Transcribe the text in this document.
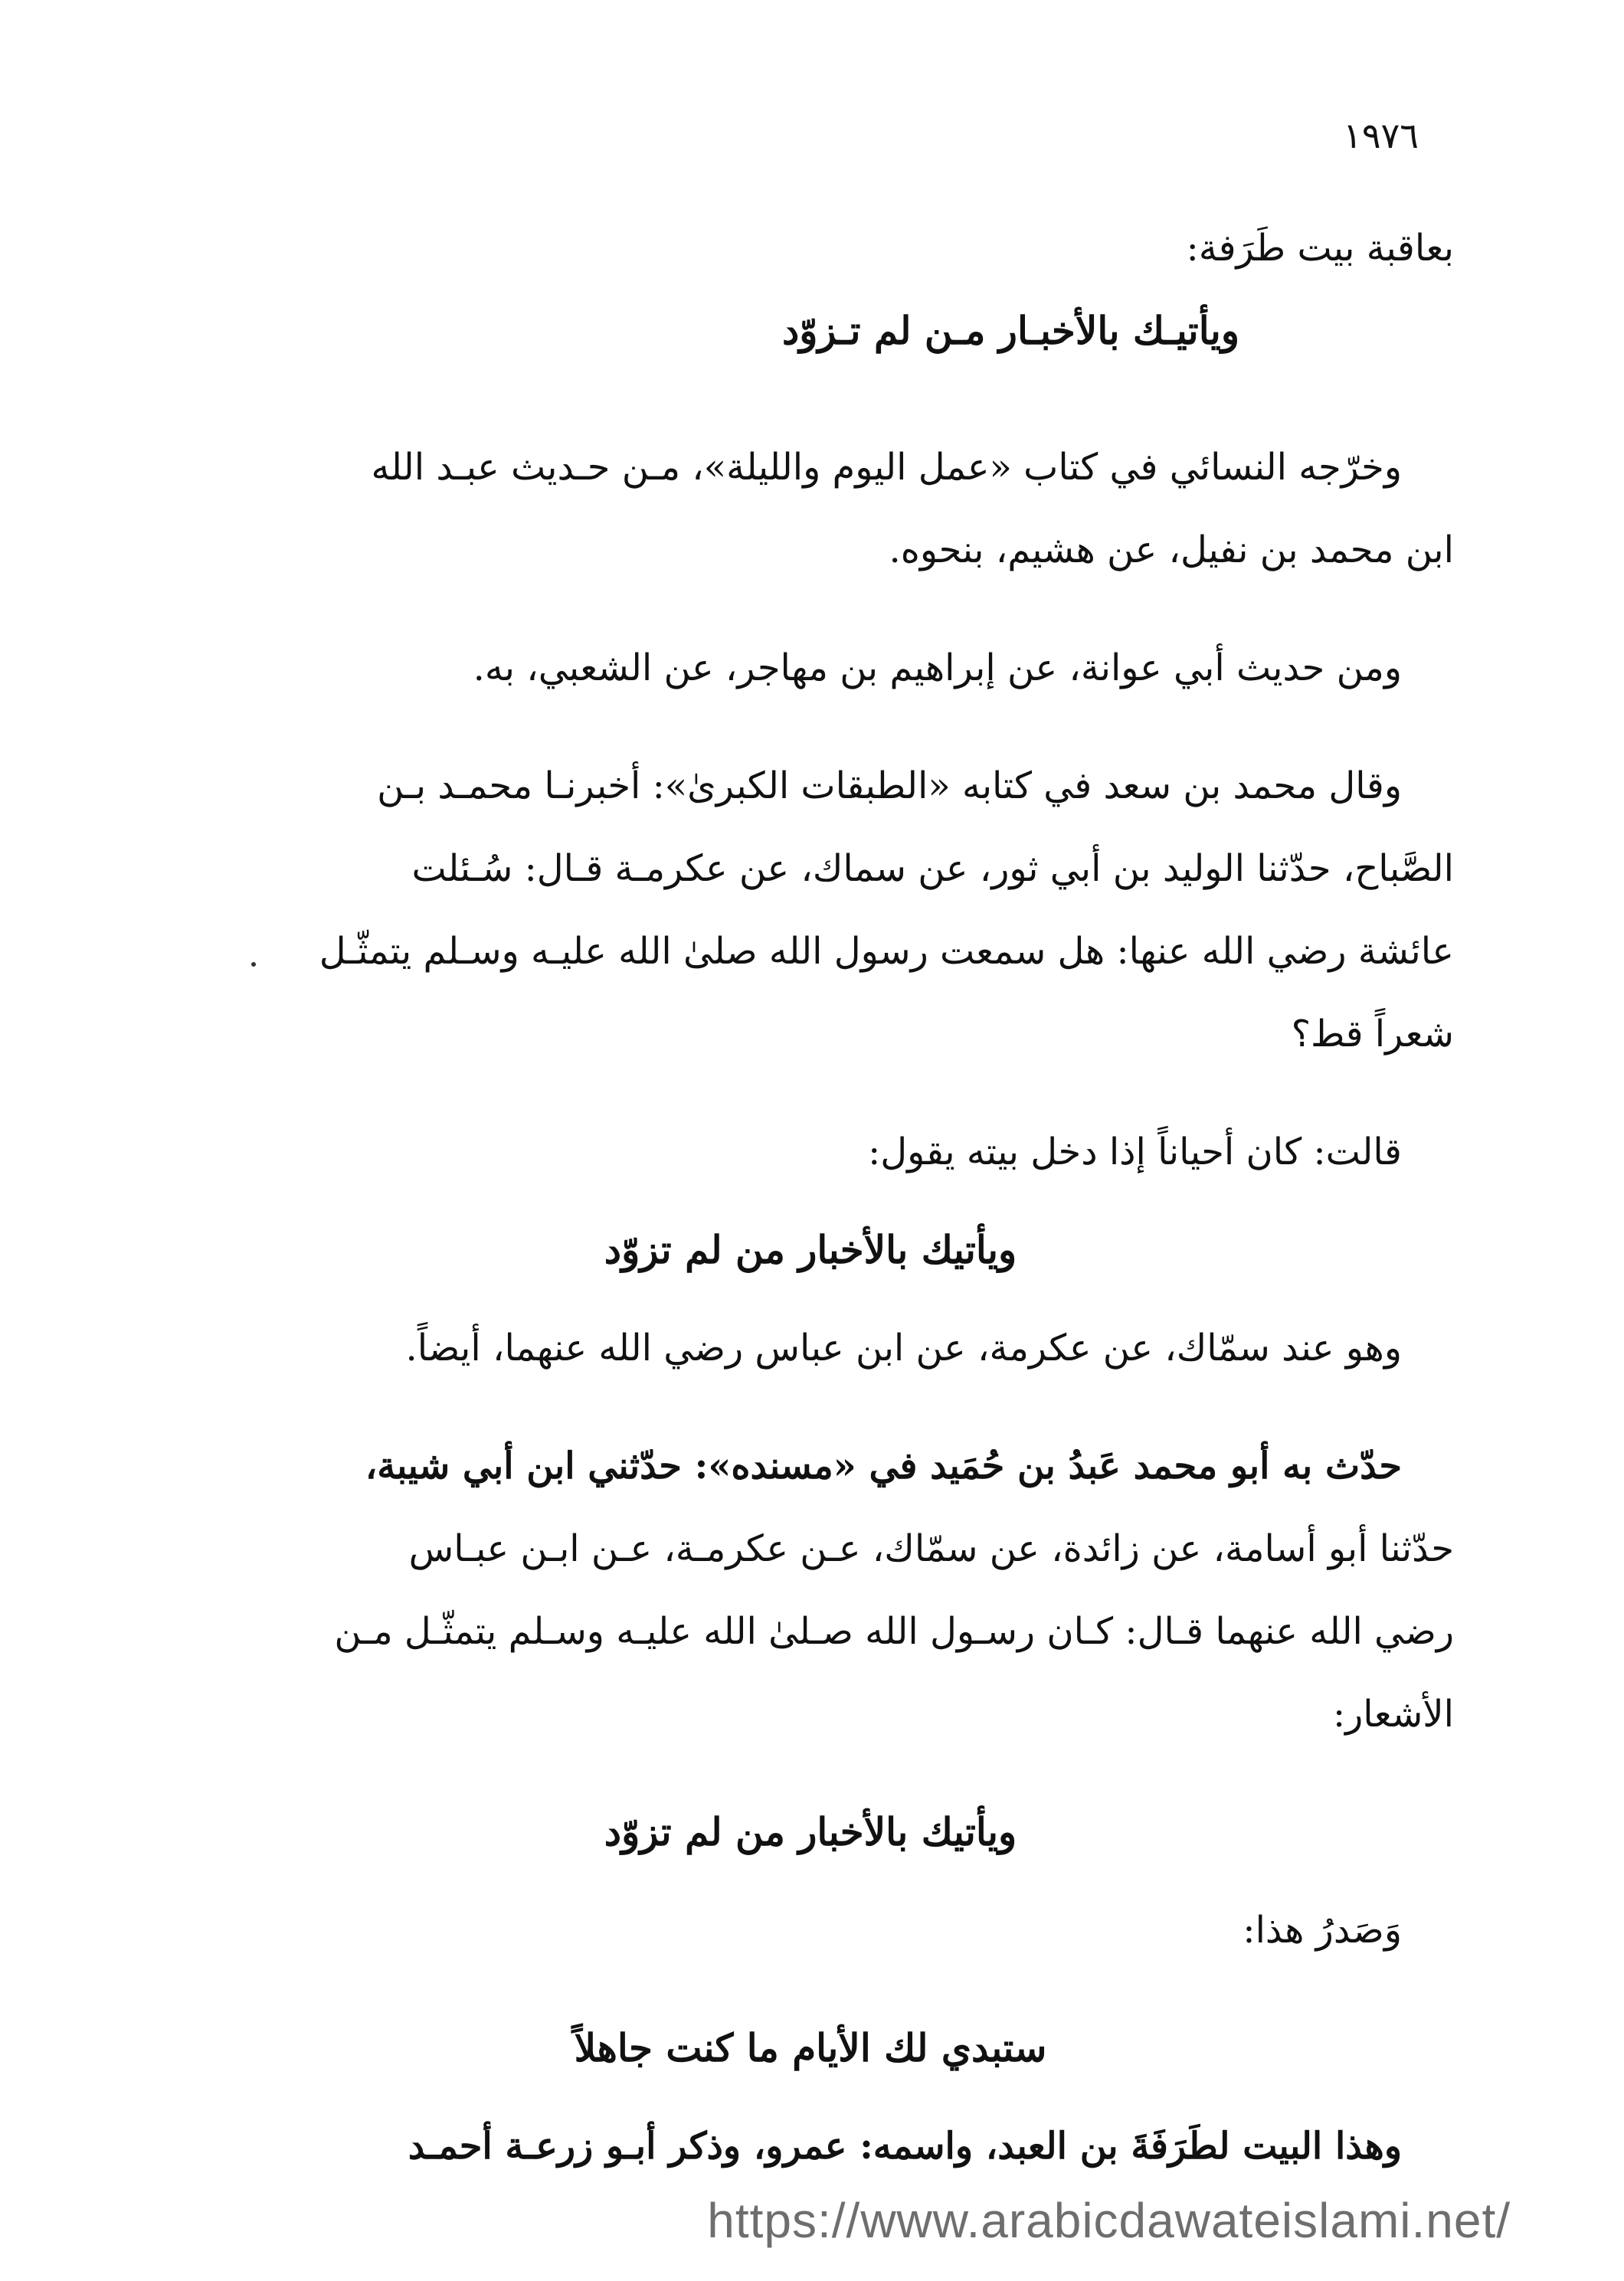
١٩٧٦

بعاقبة بيت طَرَفة:

ويأتيـك بالأخبـار مـن لم تـزوّد

وخرّجه النسائي في كتاب «عمل اليوم والليلة»، مـن حـديث عبـد الله

ابن محمد بن نفيل، عن هشيم، بنحوه.

ومن حديث أبي عوانة، عن إبراهيم بن مهاجر، عن الشعبي، به.

وقال محمد بن سعد في كتابه «الطبقات الكبرىٰ»: أخبرنـا محمـد بـن

الصَّباح، حدّثنا الوليد بن أبي ثور، عن سماك، عن عكرمـة قـال: سُـئلت

عائشة رضي الله عنها: هل سمعت رسول الله صلىٰ الله عليـه وسـلم يتمثّـل

شعراً قط؟

قالت: كان أحياناً إذا دخل بيته يقول:

ويأتيك بالأخبار من لم تزوّد

وهو عند سمّاك، عن عكرمة، عن ابن عباس رضي الله عنهما، أيضاً.

حدّث به أبو محمد عَبدُ بن حُمَيد في «مسنده»: حدّثني ابن أبي شيبة،

حدّثنا أبو أسامة، عن زائدة، عن سمّاك، عـن عكرمـة، عـن ابـن عبـاس

رضي الله عنهما قـال: كـان رسـول الله صـلىٰ الله عليـه وسـلم يتمثّـل مـن

الأشعار:

ويأتيك بالأخبار من لم تزوّد

وَصَدرُ هذا:

ستبدي لك الأيام ما كنت جاهلاً

وهذا البيت لطَرَفَةَ بن العبد، واسمه: عمرو، وذكر أبـو زرعـة أحمـد

https://www.arabicdawateislami.net/
